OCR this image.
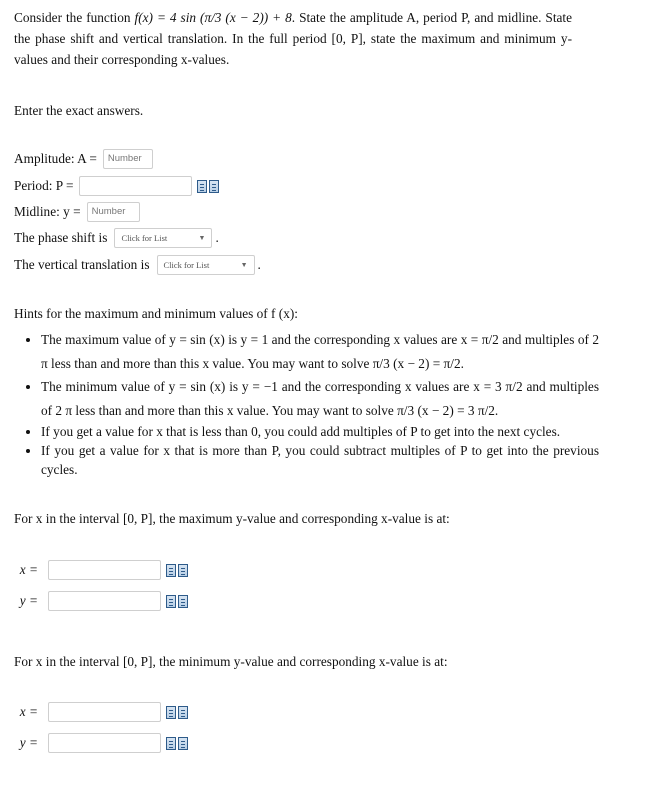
Consider the function f(x) = 4 sin (π/3 (x − 2)) + 8. State the amplitude A, period P, and midline. State the phase shift and vertical translation. In the full period [0, P], state the maximum and minimum y-values and their corresponding x-values.
Enter the exact answers.
Amplitude: A =	Number
Period: P =
Midline: y =	Number
The phase shift is Click for List	▼ .
The vertical translation is Click for List	▼ .
Hints for the maximum and minimum values of f (x):
• The maximum value of y = sin (x) is y = 1 and the corresponding x values are x = π/2 and multiples of 2 π less than and more than this x value. You may want to solve π/3 (x − 2) = π/2.
• The minimum value of y = sin (x) is y = −1 and the corresponding x values are x = 3 π/2 and multiples of 2 π less than and more than this x value. You may want to solve π/3 (x − 2) = 3 π/2.
• If you get a value for x that is less than 0, you could add multiples of P to get into the next cycles.
• If you get a value for x that is more than P, you could subtract multiples of P to get into the previous cycles.
For x in the interval [0, P], the maximum y-value and corresponding x-value is at:
x =
y =
For x in the interval [0, P], the minimum y-value and corresponding x-value is at:
x =
y =
